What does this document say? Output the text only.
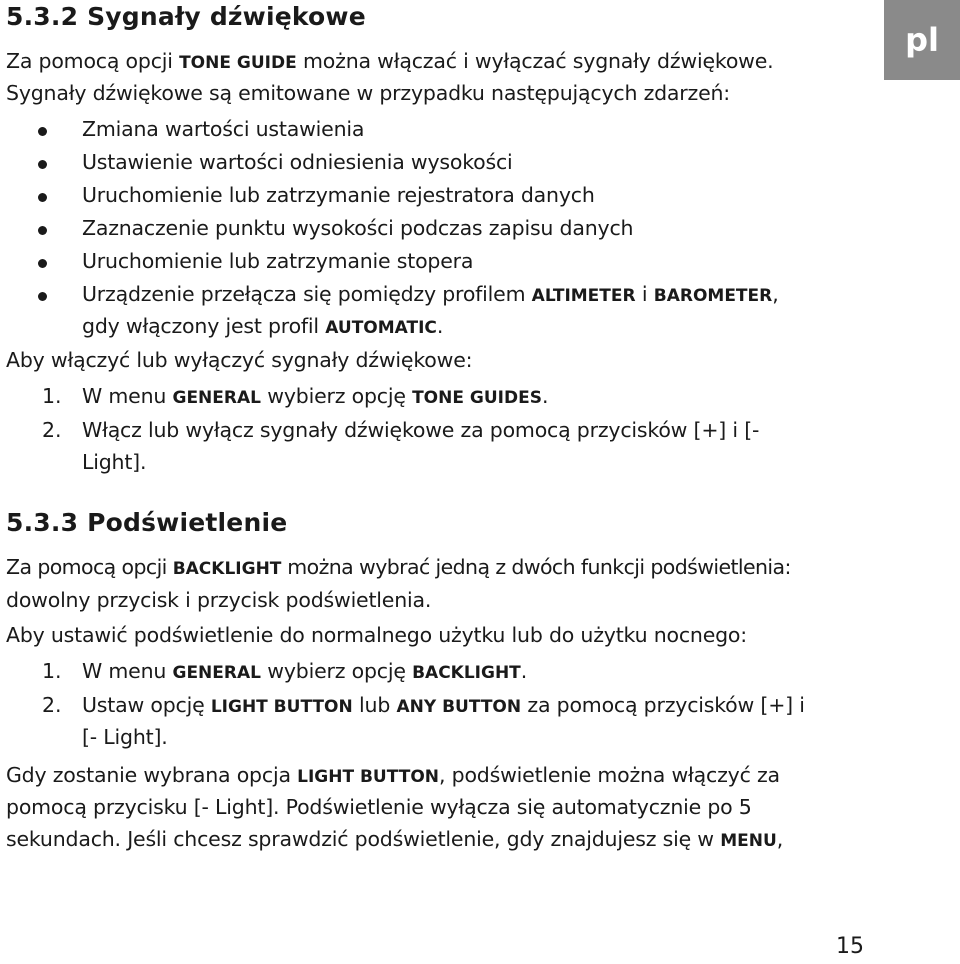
pl
5.3.2 Sygnały dźwiękowe
Za pomocą opcji TONE GUIDE można włączać i wyłączać sygnały dźwiękowe.
Sygnały dźwiękowe są emitowane w przypadku następujących zdarzeń:
Zmiana wartości ustawienia
Ustawienie wartości odniesienia wysokości
Uruchomienie lub zatrzymanie rejestratora danych
Zaznaczenie punktu wysokości podczas zapisu danych
Uruchomienie lub zatrzymanie stopera
Urządzenie przełącza się pomiędzy profilem ALTIMETER i BAROMETER,
gdy włączony jest profil AUTOMATIC.
Aby włączyć lub wyłączyć sygnały dźwiękowe:
1. W menu GENERAL wybierz opcję TONE GUIDES.
2. Włącz lub wyłącz sygnały dźwiękowe za pomocą przycisków [+] i [-
Light].
5.3.3 Podświetlenie
Za pomocą opcji BACKLIGHT można wybrać jedną z dwóch funkcji podświetlenia:
dowolny przycisk i przycisk podświetlenia.
Aby ustawić podświetlenie do normalnego użytku lub do użytku nocnego:
1. W menu GENERAL wybierz opcję BACKLIGHT.
2. Ustaw opcję LIGHT BUTTON lub ANY BUTTON za pomocą przycisków [+] i
[- Light].
Gdy zostanie wybrana opcja LIGHT BUTTON, podświetlenie można włączyć za
pomocą przycisku [- Light]. Podświetlenie wyłącza się automatycznie po 5
sekundach. Jeśli chcesz sprawdzić podświetlenie, gdy znajdujesz się w MENU,
15
